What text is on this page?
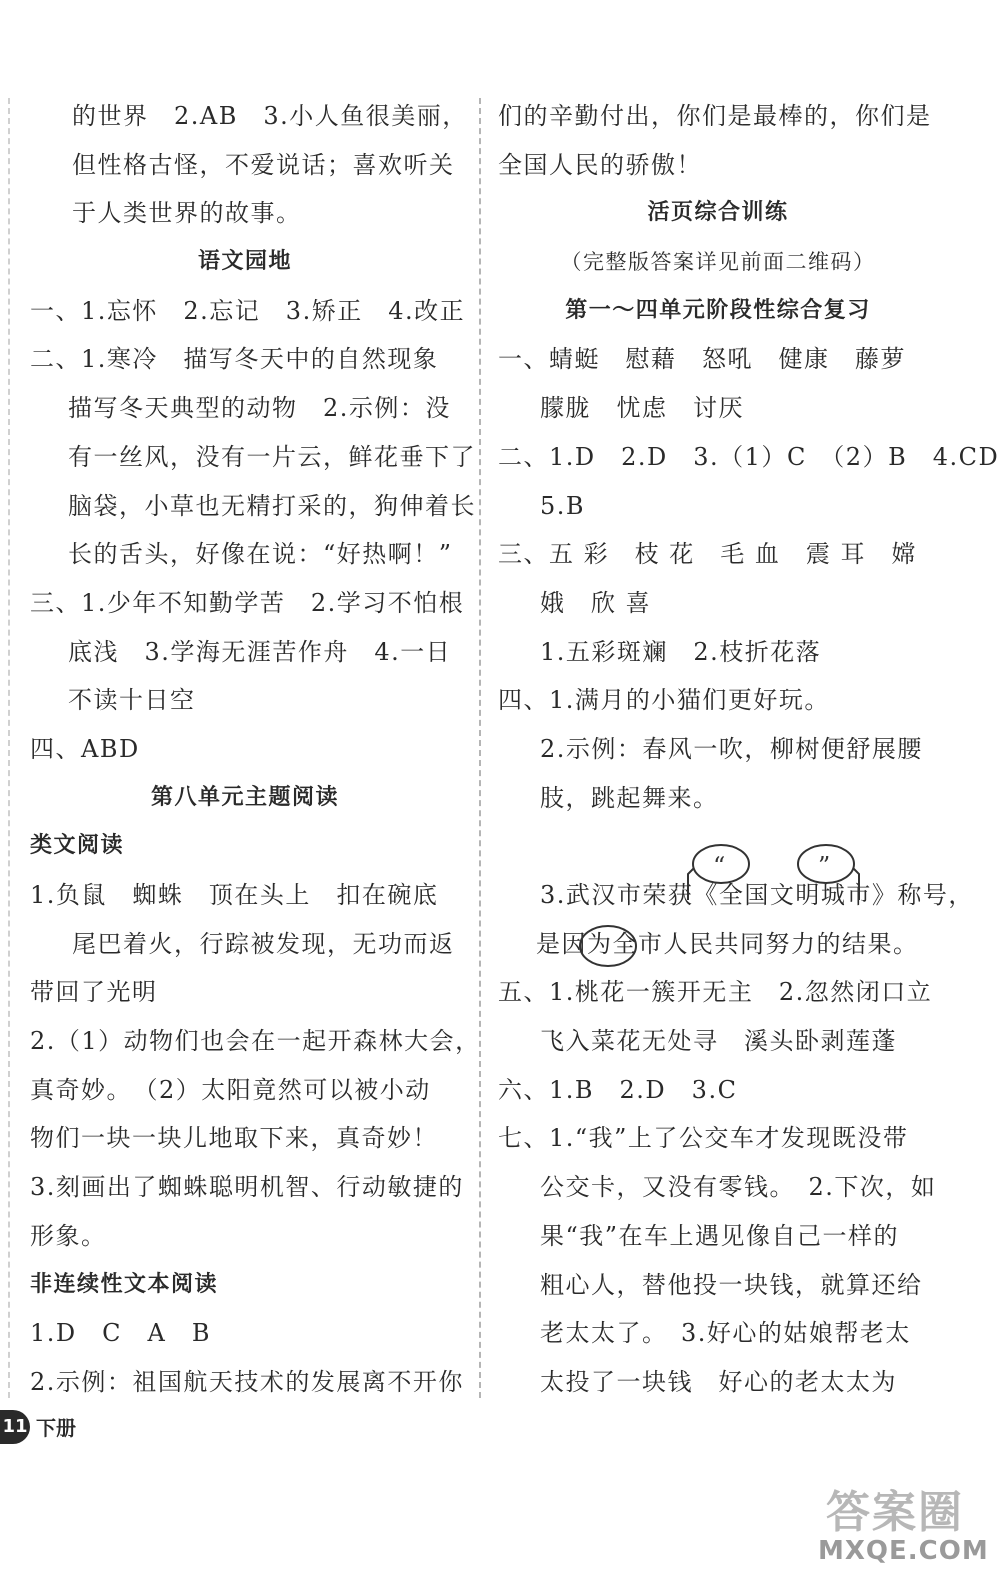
的世界　2.AB　3.小人鱼很美丽，

但性格古怪，不爱说话；喜欢听关

于人类世界的故事。

语文园地

一、1.忘怀　2.忘记　3.矫正　4.改正

二、1.寒冷　描写冬天中的自然现象

描写冬天典型的动物　2.示例：没

有一丝风，没有一片云，鲜花垂下了

脑袋，小草也无精打采的，狗伸着长

长的舌头，好像在说：“好热啊！”

三、1.少年不知勤学苦　2.学习不怕根

底浅　3.学海无涯苦作舟　4.一日

不读十日空

四、ABD

第八单元主题阅读

类文阅读

1.负鼠　蜘蛛　顶在头上　扣在碗底

尾巴着火，行踪被发现，无功而返

带回了光明

2.（1）动物们也会在一起开森林大会，

真奇妙。　（2）太阳竟然可以被小动

物们一块一块儿地取下来，真奇妙！

3.刻画出了蜘蛛聪明机智、行动敏捷的

形象。

非连续性文本阅读

1.D　C　A　B

2.示例：祖国航天技术的发展离不开你

们的辛勤付出，你们是最棒的，你们是

全国人民的骄傲！

活页综合训练

（完整版答案详见前面二维码）

第一～四单元阶段性综合复习

一、蜻蜓　慰藉　怒吼　健康　藤萝

朦胧　忧虑　讨厌

二、1.D　2.D　3.（1）C　（2）B　4.CD

5.B

三、五 彩　枝 花　毛 血　震 耳　嫦

娥　欣 喜

1.五彩斑斓　2.枝折花落

四、1.满月的小猫们更好玩。

2.示例：春风一吹，柳树便舒展腰

肢，跳起舞来。

3.武汉市荣获《全国文明城市》称号，

是因为全市人民共同努力的结果。

五、1.桃花一簇开无主　2.忽然闭口立

飞入菜花无处寻　溪头卧剥莲蓬

六、1.B　2.D　3.C

七、1.“我”上了公交车才发现既没带

公交卡，又没有零钱。　2.下次，如

果“我”在车上遇见像自己一样的

粗心人，替他投一块钱，就算还给

老太太了。　3.好心的姑娘帮老太

太投了一块钱　好心的老太太为

“	”
11 下册
答案圈
MXQE.COM
